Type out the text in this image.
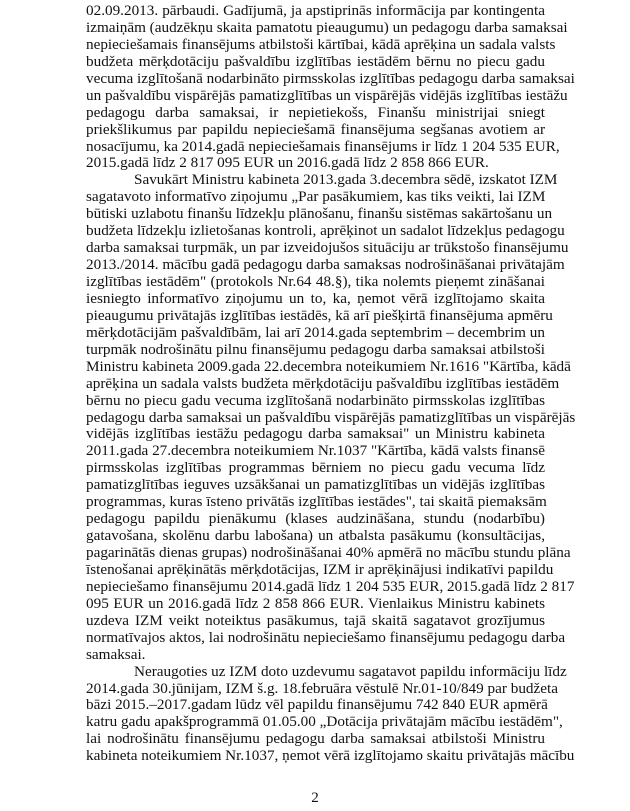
02.09.2013. pārbaudi. Gadījumā, ja apstiprinās informācija par kontingenta
izmaiņām (audzēkņu skaita pamatotu pieaugumu) un pedagogu darba samaksai
nepieciešamais finansējums atbilstoši kārtībai, kādā aprēķina un sadala valsts
budžeta mērķdotāciju pašvaldību izglītības iestādēm bērnu no piecu gadu
vecuma izglītošanā nodarbināto pirmsskolas izglītības pedagogu darba samaksai
un pašvaldību vispārējās pamatizglītības un vispārējās vidējās izglītības iestāžu
pedagogu darba samaksai, ir nepietiekošs, Finanšu ministrijai sniegt
priekšlikumus par papildu nepieciešamā finansējuma segšanas avotiem ar
nosacījumu, ka 2014.gadā nepieciešamais finansējums ir līdz 1 204 535 EUR,
2015.gadā līdz 2 817 095 EUR un 2016.gadā līdz 2 858 866 EUR.
Savukārt Ministru kabineta 2013.gada 3.decembra sēdē, izskatot IZM
sagatavoto informatīvo ziņojumu „Par pasākumiem, kas tiks veikti, lai IZM
būtiski uzlabotu finanšu līdzekļu plānošanu, finanšu sistēmas sakārtošanu un
budžeta līdzekļu izlietošanas kontroli, aprēķinot un sadalot līdzekļus pedagogu
darba samaksai turpmāk, un par izveidojušos situāciju ar trūkstošo finansējumu
2013./2014. mācību gadā pedagogu darba samaksas nodrošināšanai privātajām
izglītības iestādēm" (protokols Nr.64 48.§), tika nolemts pieņemt zināšanai
iesniegto informatīvo ziņojumu un to, ka, ņemot vērā izglītojamo skaita
pieaugumu privātajās izglītības iestādēs, kā arī piešķirtā finansējuma apmēru
mērķdotācijām pašvaldībām, lai arī 2014.gada septembrim – decembrim un
turpmāk nodrošinātu pilnu finansējumu pedagogu darba samaksai atbilstoši
Ministru kabineta 2009.gada 22.decembra noteikumiem Nr.1616 "Kārtība, kādā
aprēķina un sadala valsts budžeta mērķdotāciju pašvaldību izglītības iestādēm
bērnu no piecu gadu vecuma izglītošanā nodarbināto pirmsskolas izglītības
pedagogu darba samaksai un pašvaldību vispārējās pamatizglītības un vispārējās
vidējās izglītības iestāžu pedagogu darba samaksai" un Ministru kabineta
2011.gada 27.decembra noteikumiem Nr.1037 "Kārtība, kādā valsts finansē
pirmsskolas izglītības programmas bērniem no piecu gadu vecuma līdz
pamatizglītības ieguves uzsākšanai un pamatizglītības un vidējās izglītības
programmas, kuras īsteno privātās izglītības iestādes", tai skaitā piemaksām
pedagogu papildu pienākumu (klases audzināšana, stundu (nodarbību)
gatavošana, skolēnu darbu labošana) un atbalsta pasākumu (konsultācijas,
pagarinātās dienas grupas) nodrošināšanai 40% apmērā no mācību stundu plāna
īstenošanai aprēķinātās mērķdotācijas, IZM ir aprēķinājusi indikatīvi papildu
nepieciešamo finansējumu 2014.gadā līdz 1 204 535 EUR, 2015.gadā līdz 2 817
095 EUR un 2016.gadā līdz 2 858 866 EUR. Vienlaikus Ministru kabinets
uzdeva IZM veikt noteiktus pasākumus, tajā skaitā sagatavot grozījumus
normatīvajos aktos, lai nodrošinātu nepieciešamo finansējumu pedagogu darba
samaksai.
Neraugoties uz IZM doto uzdevumu sagatavot papildu informāciju līdz
2014.gada 30.jūnijam, IZM š.g. 18.februāra vēstulē Nr.01-10/849 par budžeta
bāzi 2015.–2017.gadam lūdz vēl papildu finansējumu 742 840 EUR apmērā
katru gadu apakšprogrammā 01.05.00 „Dotācija privātajām mācību iestādēm",
lai nodrošinātu finansējumu pedagogu darba samaksai atbilstoši Ministru
kabineta noteikumiem Nr.1037, ņemot vērā izglītojamo skaitu privātajās mācību
2
